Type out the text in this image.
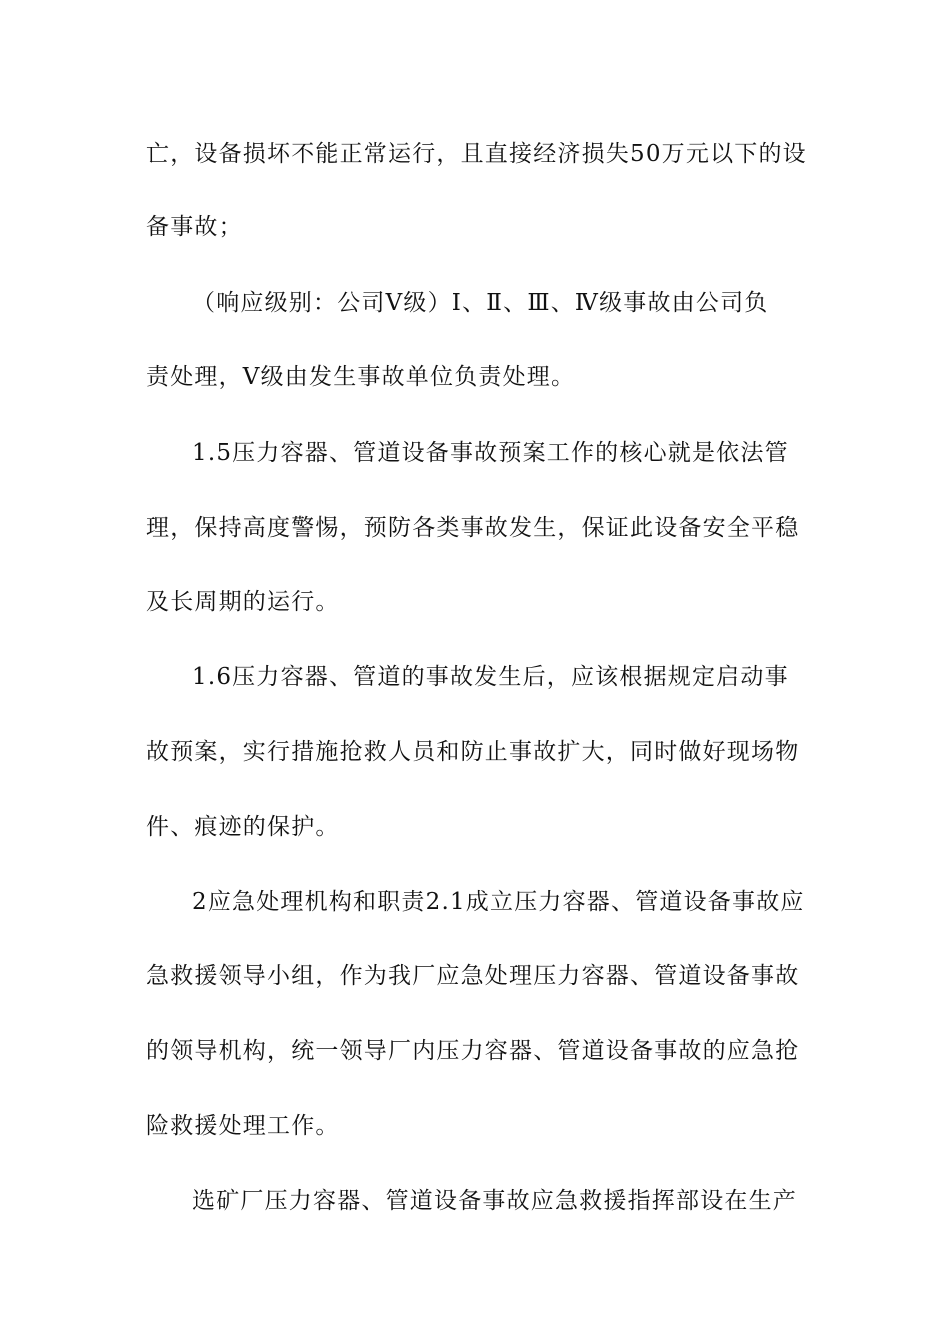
亡，设备损坏不能正常运行，且直接经济损失50万元以下的设
备事故；
（响应级别：公司Ⅴ级）Ⅰ、Ⅱ、Ⅲ、Ⅳ级事故由公司负
责处理，Ⅴ级由发生事故单位负责处理。
1.5压力容器、管道设备事故预案工作的核心就是依法管
理，保持高度警惕，预防各类事故发生，保证此设备安全平稳
及长周期的运行。
1.6压力容器、管道的事故发生后，应该根据规定启动事
故预案，实行措施抢救人员和防止事故扩大，同时做好现场物
件、痕迹的保护。
2应急处理机构和职责2.1成立压力容器、管道设备事故应
急救援领导小组，作为我厂应急处理压力容器、管道设备事故
的领导机构，统一领导厂内压力容器、管道设备事故的应急抢
险救援处理工作。
选矿厂压力容器、管道设备事故应急救援指挥部设在生产
